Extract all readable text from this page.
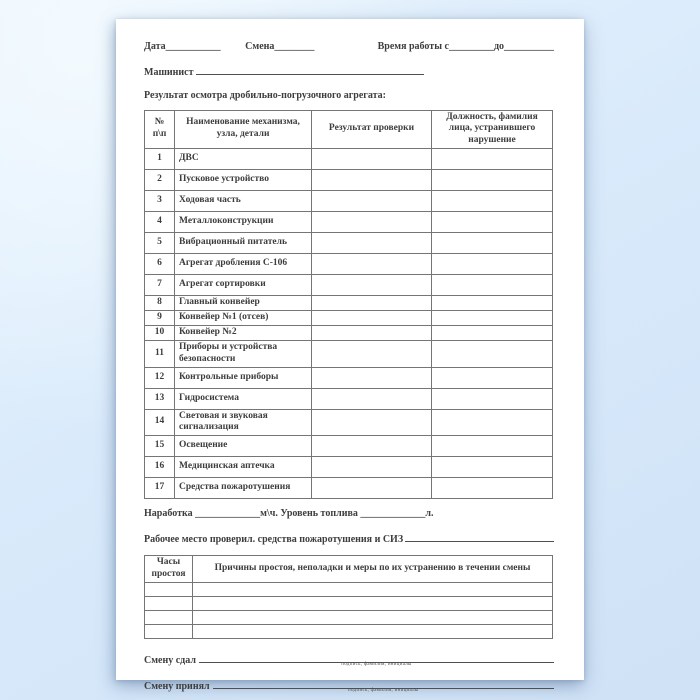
Дата___________ Смена________	Время работы с_________до__________
Машинист
Результат осмотра дробильно-погрузочного агрегата:
№ п\п	Наименование механизма, узла, детали	Результат проверки	Должность, фамилия лица, устранившего нарушение
1	ДВС		
2	Пусковое устройство		
3	Ходовая часть		
4	Металлоконструкции		
5	Вибрационный питатель		
6	Агрегат дробления С-106		
7	Агрегат сортировки		
8	Главный конвейер		
9	Конвейер №1 (отсев)		
10	Конвейер №2		
11	Приборы и устройства безопасности		
12	Контрольные приборы		
13	Гидросистема		
14	Световая и звуковая сигнализация		
15	Освещение		
16	Медицинская аптечка		
17	Средства пожаротушения		
Наработка _____________м\ч. Уровень топлива _____________л.
Рабочее место проверил. средства пожаротушения и СИЗ
Часы простоя	Причины простоя, неполадки и меры по их устранению в течении смены

Смену сдал	подпись, фамилия, инициалы
Смену принял	подпись, фамилия, инициалы
